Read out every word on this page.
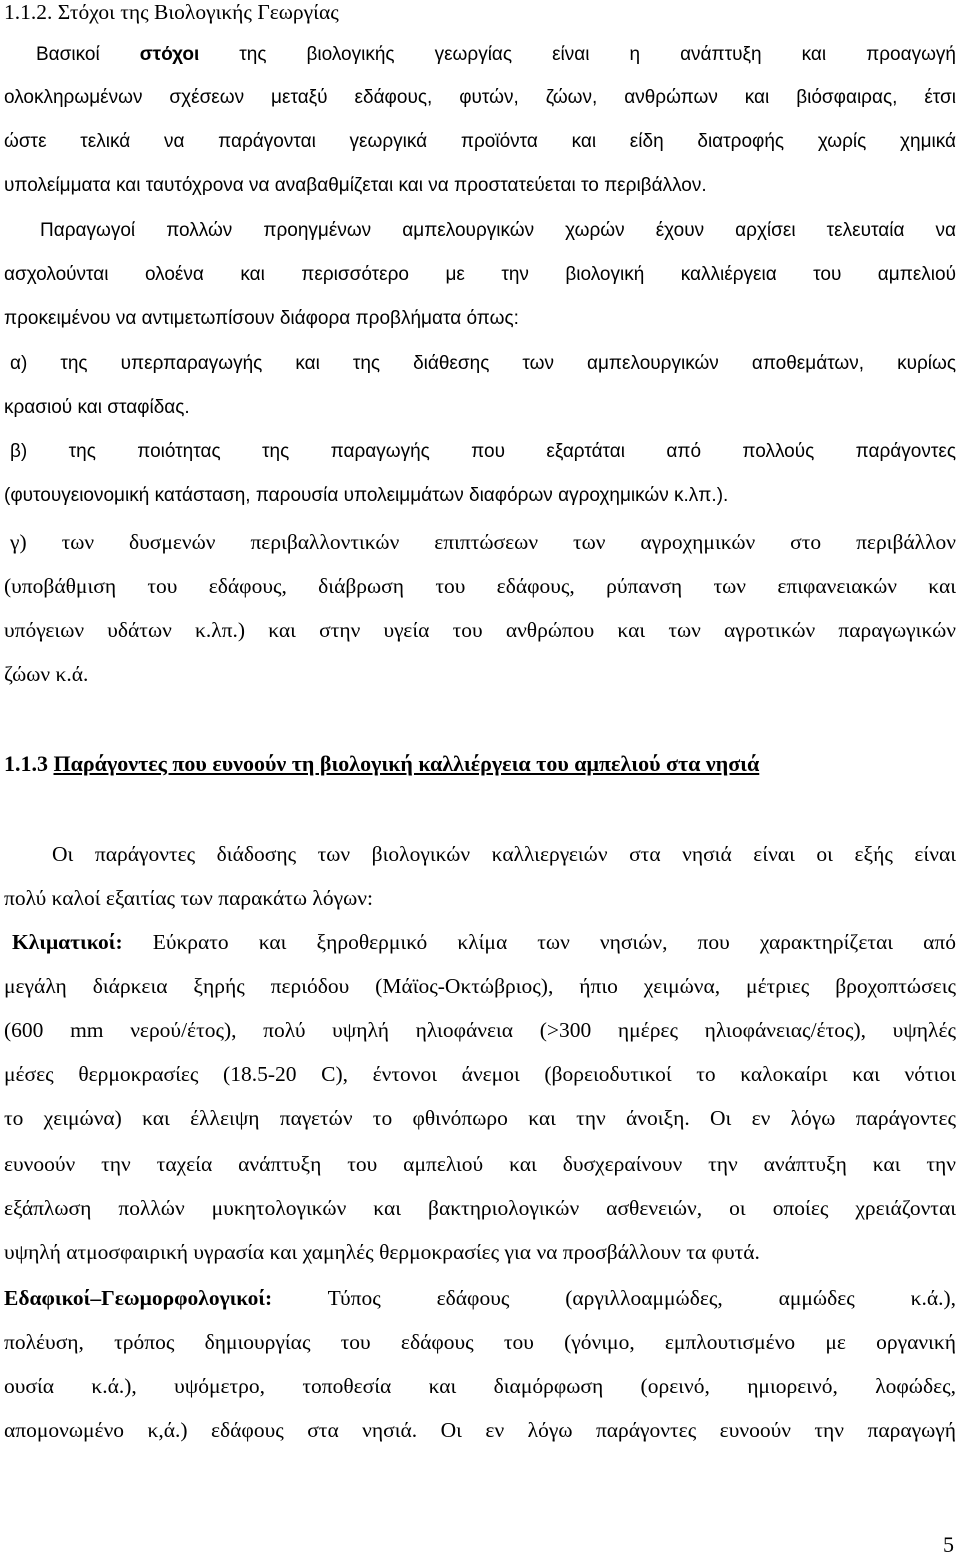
1.1.2. Στόχοι της Βιολογικής Γεωργίας
Βασικοί στόχοι της βιολογικής γεωργίας είναι η ανάπτυξη και προαγωγή
ολοκληρωμένων σχέσεων μεταξύ εδάφους, φυτών, ζώων, ανθρώπων και βιόσφαιρας, έτσι
ώστε τελικά να παράγονται γεωργικά προϊόντα και είδη διατροφής χωρίς χημικά
υπολείμματα και ταυτόχρονα να αναβαθμίζεται και να προστατεύεται το περιβάλλον.
Παραγωγοί πολλών προηγμένων αμπελουργικών χωρών έχουν αρχίσει τελευταία να
ασχολούνται ολοένα και περισσότερο με την βιολογική καλλιέργεια του αμπελιού
προκειμένου να αντιμετωπίσουν διάφορα προβλήματα όπως:
α) της υπερπαραγωγής και της διάθεσης των αμπελουργικών αποθεμάτων, κυρίως
κρασιού και σταφίδας.
β) της ποιότητας της παραγωγής που εξαρτάται από πολλούς παράγοντες
(φυτουγειονομική κατάσταση, παρουσία υπολειμμάτων διαφόρων αγροχημικών κ.λπ.).
γ) των δυσμενών περιβαλλοντικών επιπτώσεων των αγροχημικών στο περιβάλλον
(υποβάθμιση του εδάφους, διάβρωση του εδάφους, ρύπανση των επιφανειακών και
υπόγειων υδάτων κ.λπ.) και στην υγεία του ανθρώπου και των αγροτικών παραγωγικών
ζώων κ.ά.
1.1.3 Παράγοντες που ευνοούν τη βιολογική καλλιέργεια του αμπελιού στα νησιά
Οι παράγοντες διάδοσης των βιολογικών καλλιεργειών στα νησιά είναι οι εξής είναι
πολύ καλοί εξαιτίας των παρακάτω λόγων:
Κλιματικοί: Εύκρατο και ξηροθερμικό κλίμα των νησιών, που χαρακτηρίζεται από
μεγάλη διάρκεια ξηρής περιόδου (Μάϊος-Οκτώβριος), ήπιο χειμώνα, μέτριες βροχοπτώσεις
(600 mm νερού/έτος), πολύ υψηλή ηλιοφάνεια (>300 ημέρες ηλιοφάνειας/έτος), υψηλές
μέσες θερμοκρασίες (18.5-20 C), έντονοι άνεμοι (βορειοδυτικοί το καλοκαίρι και νότιοι
το χειμώνα) και έλλειψη παγετών το φθινόπωρο και την άνοιξη. Οι εν λόγω παράγοντες
ευνοούν την ταχεία ανάπτυξη του αμπελιού και δυσχεραίνουν την ανάπτυξη και την
εξάπλωση πολλών μυκητολογικών και βακτηριολογικών ασθενειών, οι οποίες χρειάζονται
υψηλή ατμοσφαιρική υγρασία και χαμηλές θερμοκρασίες για να προσβάλλουν τα φυτά.
Εδαφικοί–Γεωμορφολογικοί:	Τύπος εδάφους (αργιλλοαμμώδες, αμμώδες κ.ά.),
πολέυση, τρόπος δημιουργίας του εδάφους του (γόνιμο, εμπλουτισμένο με οργανική
ουσία κ.ά.), υψόμετρο, τοποθεσία και διαμόρφωση (ορεινό, ημιορεινό, λοφώδες,
απομονωμένο κ,ά.) εδάφους στα νησιά. Οι εν λόγω παράγοντες ευνοούν την παραγωγή
5
